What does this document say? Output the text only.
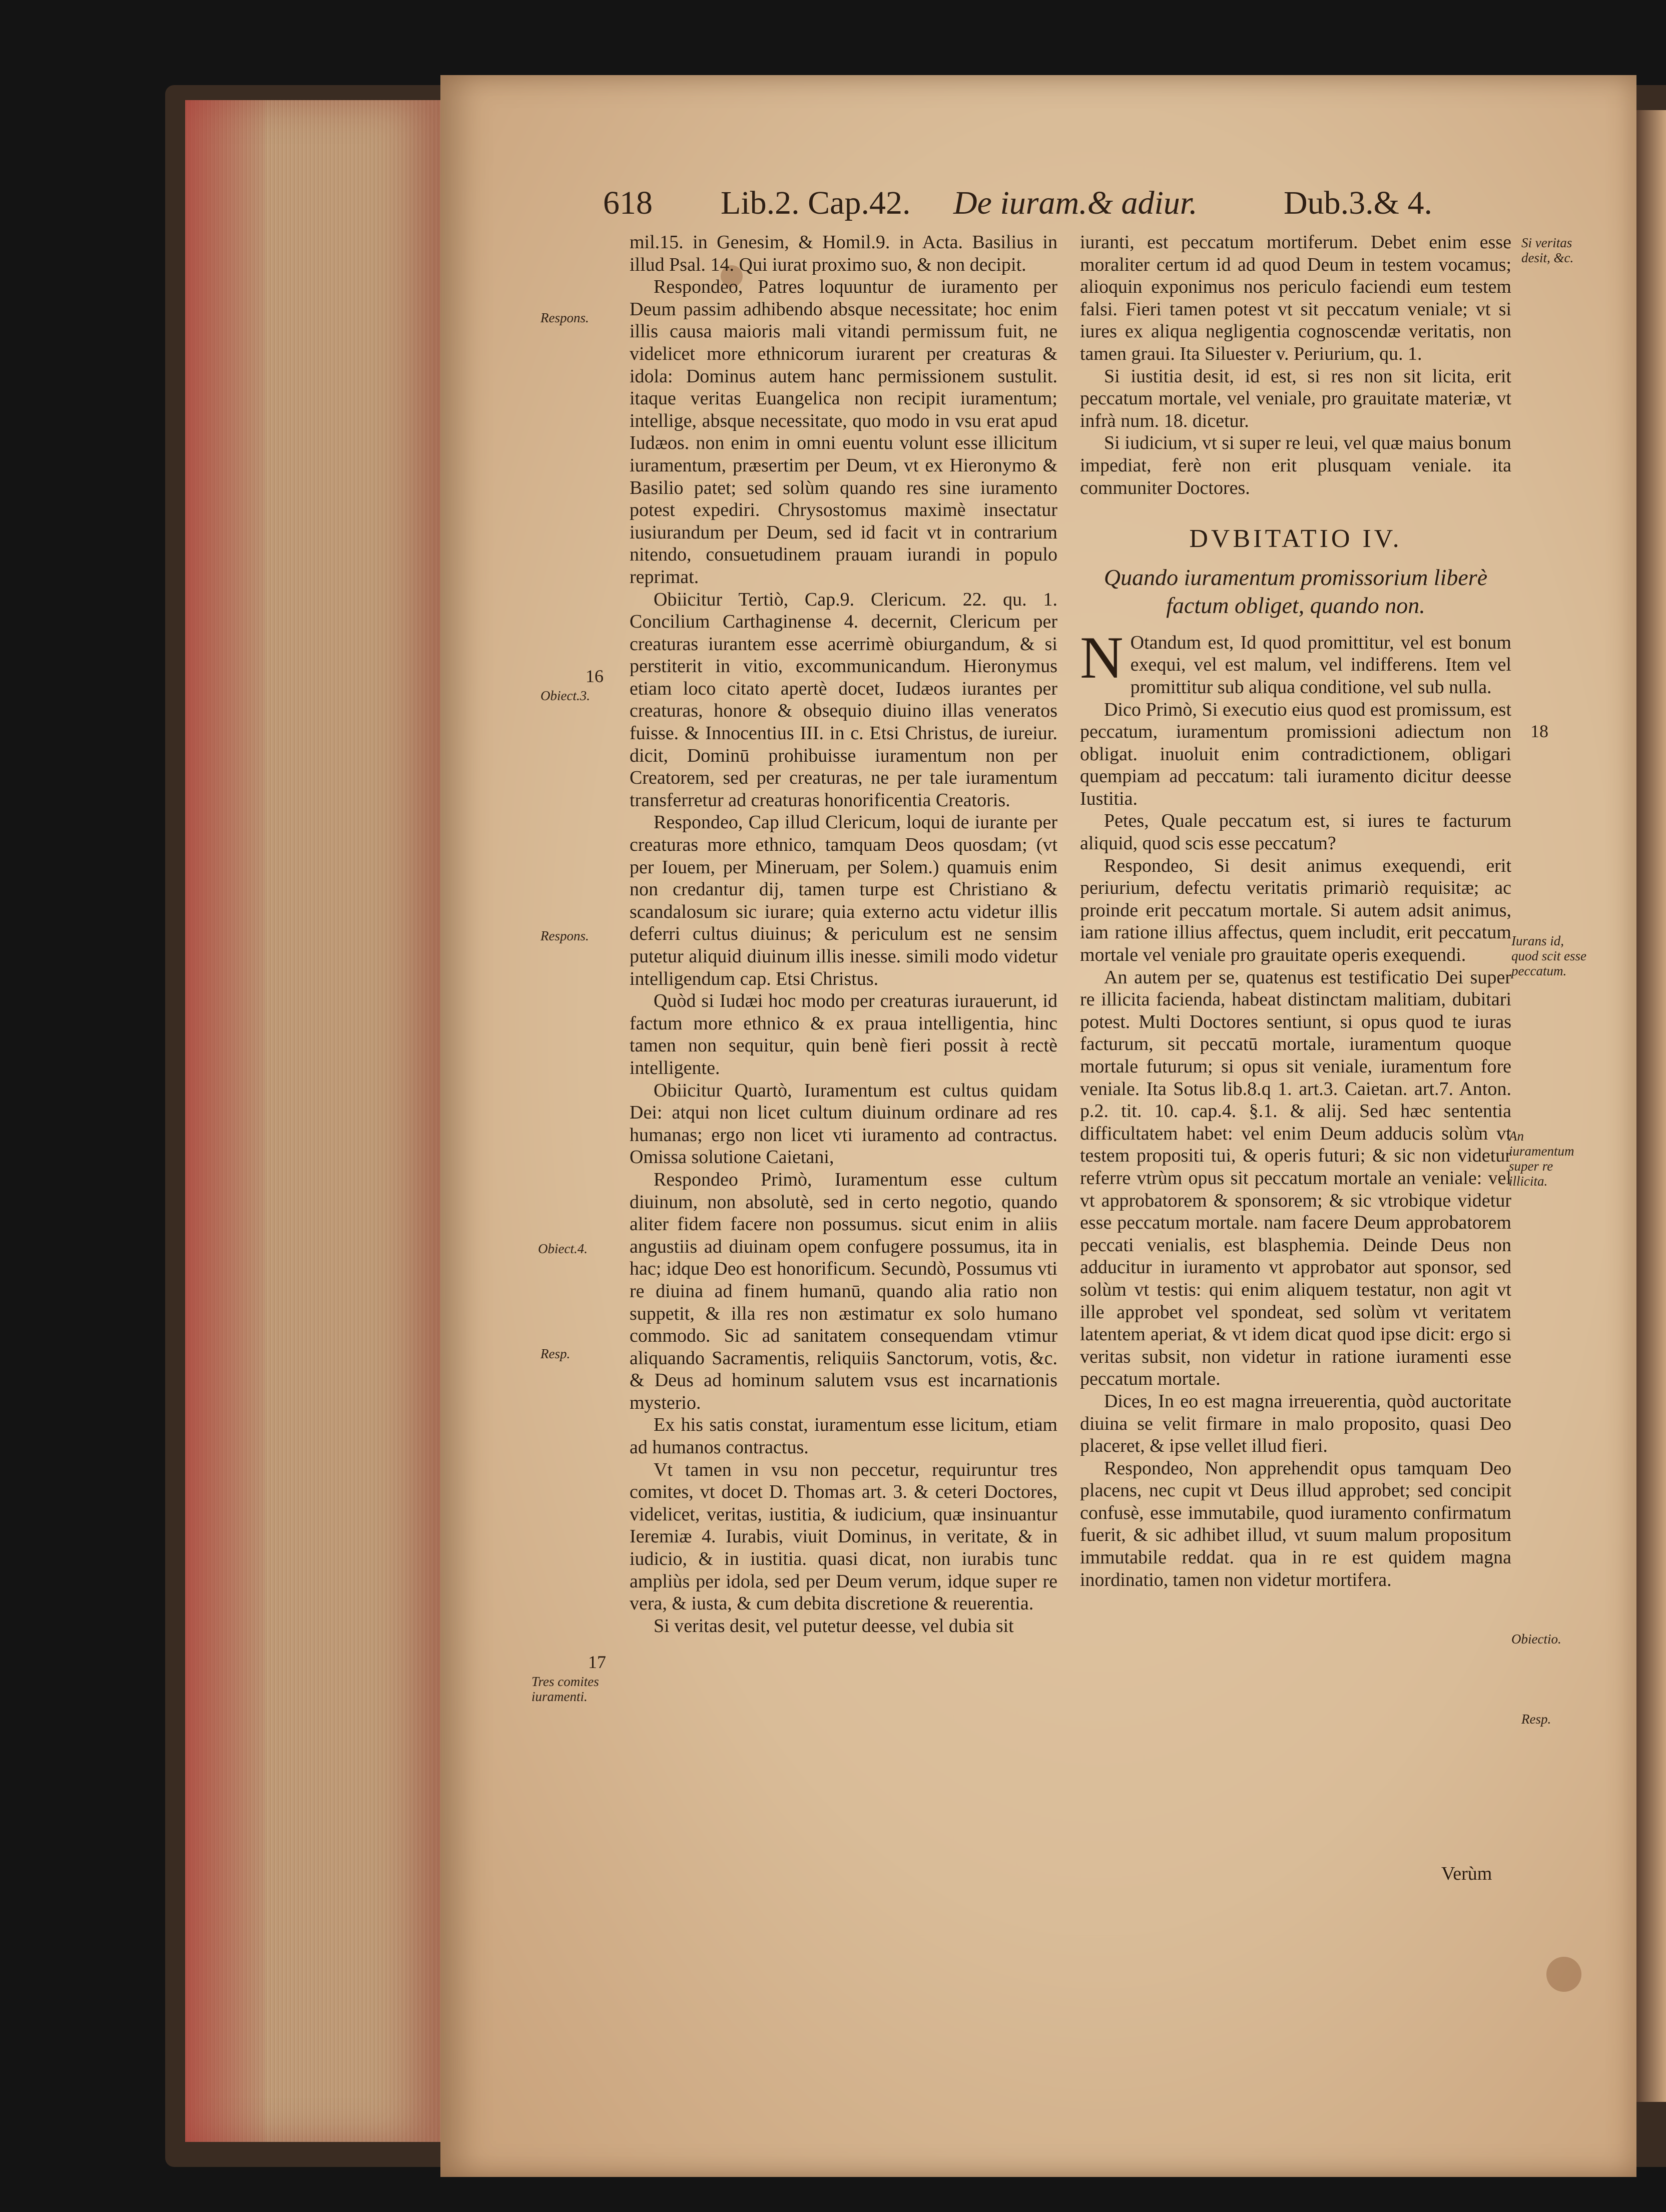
618 Lib.2. Cap.42. De iuram.& adiur.	Dub.3.& 4.

mil.15. in Genesim, & Homil.9. in Acta. Basilius in illud Psal. 14. Qui iurat proximo suo, & non decipit.

Respondeo, Patres loquuntur de iuramento per Deum passim adhibendo absque necessitate; hoc enim illis causa maioris mali vitandi permissum fuit, ne videlicet more ethnicorum iurarent per creaturas & idola: Dominus autem hanc permissionem sustulit. itaque veritas Euangelica non recipit iuramentum; intellige, absque necessitate, quo modo in vsu erat apud Iudæos. non enim in omni euentu volunt esse illicitum iuramentum, præsertim per Deum, vt ex Hieronymo & Basilio patet; sed solùm quando res sine iuramento potest expediri. Chrysostomus maximè insectatur iusiurandum per Deum, sed id facit vt in contrarium nitendo, consuetudinem prauam iurandi in populo reprimat.

Obiicitur Tertiò, Cap.9. Clericum. 22. qu. 1. Concilium Carthaginense 4. decernit, Clericum per creaturas iurantem esse acerrimè obiurgandum, & si perstiterit in vitio, excommunicandum. Hieronymus etiam loco citato apertè docet, Iudæos iurantes per creaturas, honore & obsequio diuino illas veneratos fuisse. & Innocentius III. in c. Etsi Christus, de iureiur. dicit, Dominū prohibuisse iuramentum non per Creatorem, sed per creaturas, ne per tale iuramentum transferretur ad creaturas honorificentia Creatoris.

Respondeo, Cap illud Clericum, loqui de iurante per creaturas more ethnico, tamquam Deos quosdam; (vt per Iouem, per Mineruam, per Solem.) quamuis enim non credantur dij, tamen turpe est Christiano & scandalosum sic iurare; quia externo actu videtur illis deferri cultus diuinus; & periculum est ne sensim putetur aliquid diuinum illis inesse. simili modo videtur intelligendum cap. Etsi Christus.

Quòd si Iudæi hoc modo per creaturas iurauerunt, id factum more ethnico & ex praua intelligentia, hinc tamen non sequitur, quin benè fieri possit à rectè intelligente.

Obiicitur Quartò, Iuramentum est cultus quidam Dei: atqui non licet cultum diuinum ordinare ad res humanas; ergo non licet vti iuramento ad contractus. Omissa solutione Caietani,

Respondeo Primò, Iuramentum esse cultum diuinum, non absolutè, sed in certo negotio, quando aliter fidem facere non possumus. sicut enim in aliis angustiis ad diuinam opem confugere possumus, ita in hac; idque Deo est honorificum. Secundò, Possumus vti re diuina ad finem humanū, quando alia ratio non suppetit, & illa res non æstimatur ex solo humano commodo. Sic ad sanitatem consequendam vtimur aliquando Sacramentis, reliquiis Sanctorum, votis, &c. & Deus ad hominum salutem vsus est incarnationis mysterio.

Ex his satis constat, iuramentum esse licitum, etiam ad humanos contractus.

Vt tamen in vsu non peccetur, requiruntur tres comites, vt docet D. Thomas art. 3. & ceteri Doctores, videlicet, veritas, iustitia, & iudicium, quæ insinuantur Ieremiæ 4. Iurabis, viuit Dominus, in veritate, & in iudicio, & in iustitia. quasi dicat, non iurabis tunc ampliùs per idola, sed per Deum verum, idque super re vera, & iusta, & cum debita discretione & reuerentia.

Si veritas desit, vel putetur deesse, vel dubia sit

iuranti, est peccatum mortiferum. Debet enim esse moraliter certum id ad quod Deum in testem vocamus; alioquin exponimus nos periculo faciendi eum testem falsi. Fieri tamen potest vt sit peccatum veniale; vt si iures ex aliqua negligentia cognoscendæ veritatis, non tamen graui. Ita Siluester v. Periurium, qu. 1.

Si iustitia desit, id est, si res non sit licita, erit peccatum mortale, vel veniale, pro grauitate materiæ, vt infrà num. 18. dicetur.

Si iudicium, vt si super re leui, vel quæ maius bonum impediat, ferè non erit plusquam veniale. ita communiter Doctores.

DVBITATIO IV.

Quando iuramentum promissorium liberè factum obliget, quando non.

N Otandum est, Id quod promittitur, vel est bonum exequi, vel est malum, vel indifferens. Item vel promittitur sub aliqua conditione, vel sub nulla.

Dico Primò, Si executio eius quod est promissum, est peccatum, iuramentum promissioni adiectum non obligat. inuoluit enim contradictionem, obligari quempiam ad peccatum: tali iuramento dicitur deesse Iustitia.

Petes, Quale peccatum est, si iures te facturum aliquid, quod scis esse peccatum?

Respondeo, Si desit animus exequendi, erit periurium, defectu veritatis primariò requisitæ; ac proinde erit peccatum mortale. Si autem adsit animus, iam ratione illius affectus, quem includit, erit peccatum mortale vel veniale pro grauitate operis exequendi.

An autem per se, quatenus est testificatio Dei super re illicita facienda, habeat distinctam malitiam, dubitari potest. Multi Doctores sentiunt, si opus quod te iuras facturum, sit peccatū mortale, iuramentum quoque mortale futurum; si opus sit veniale, iuramentum fore veniale. Ita Sotus lib.8.q 1. art.3. Caietan. art.7. Anton. p.2. tit. 10. cap.4. §.1. & alij. Sed hæc sententia difficultatem habet: vel enim Deum adducis solùm vt testem propositi tui, & operis futuri; & sic non videtur referre vtrùm opus sit peccatum mortale an veniale: vel vt approbatorem & sponsorem; & sic vtrobique videtur esse peccatum mortale. nam facere Deum approbatorem peccati venialis, est blasphemia. Deinde Deus non adducitur in iuramento vt approbator aut sponsor, sed solùm vt testis: qui enim aliquem testatur, non agit vt ille approbet vel spondeat, sed solùm vt veritatem latentem aperiat, & vt idem dicat quod ipse dicit: ergo si veritas subsit, non videtur in ratione iuramenti esse peccatum mortale.

Dices, In eo est magna irreuerentia, quòd auctoritate diuina se velit firmare in malo proposito, quasi Deo placeret, & ipse vellet illud fieri.

Respondeo, Non apprehendit opus tamquam Deo placens, nec cupit vt Deus illud approbet; sed concipit confusè, esse immutabile, quod iuramento confirmatum fuerit, & sic adhibet illud, vt suum malum propositum immutabile reddat. qua in re est quidem magna inordinatio, tamen non videtur mortifera.

Respons.
16
Obiect.3.
Respons.
Obiect.4.
Resp.
17
Tres comites iuramenti.
Si veritas desit, &c.
18
Iurans id, quod scit esse peccatum.
An iuramentum super re illicita.
Obiectio.
Resp.
Verùm
